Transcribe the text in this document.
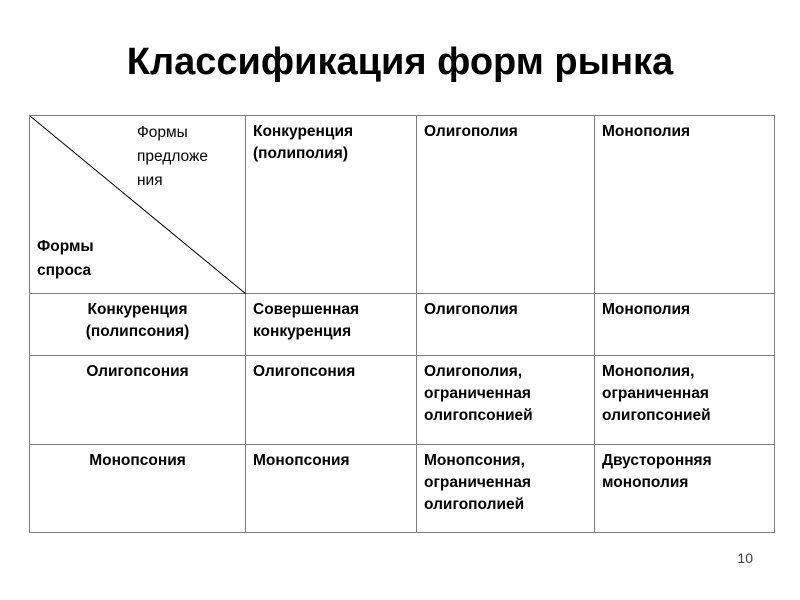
Классификация форм рынка
Формы предложе ния
Формы спроса	Конкуренция (полиполия)	Олигополия	Монополия
Конкуренция (полипсония)	Совершенная конкуренция	Олигополия	Монополия
Олигопсония	Олигопсония	Олигополия, ограниченная олигопсонией	Монополия, ограниченная олигопсонией
Монопсония	Монопсония	Монопсония, ограниченная олигополией	Двусторонняя монополия
10
